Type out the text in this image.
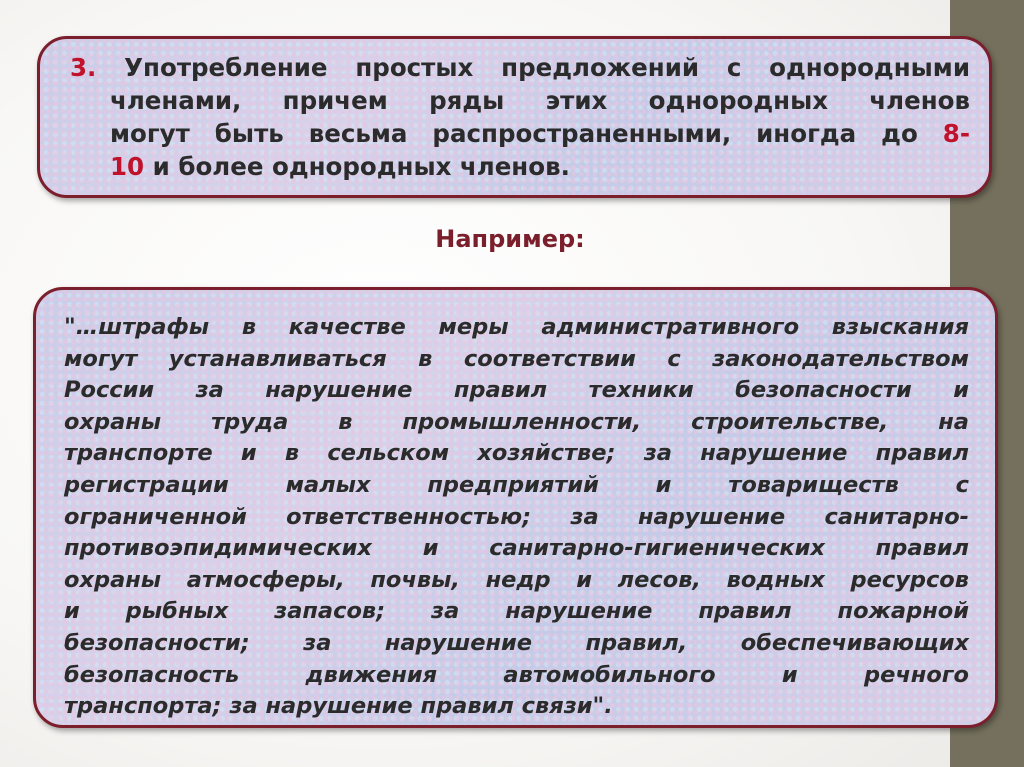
3. Употребление простых предложений с однородными
членами, причем ряды этих однородных членов
могут быть весьма распространенными, иногда до 8-
10 и более однородных членов.
Например:
"…штрафы в качестве меры административного взыскания
могут устанавливаться в соответствии с законодательством
России за нарушение правил техники безопасности и
охраны труда в промышленности, строительстве, на
транспорте и в сельском хозяйстве; за нарушение правил
регистрации малых предприятий и товариществ с
ограниченной ответственностью; за нарушение санитарно-
противоэпидимических и санитарно-гигиенических правил
охраны атмосферы, почвы, недр и лесов, водных ресурсов
и рыбных запасов; за нарушение правил пожарной
безопасности; за нарушение правил, обеспечивающих
безопасность движения автомобильного и речного
транспорта; за нарушение правил связи".
